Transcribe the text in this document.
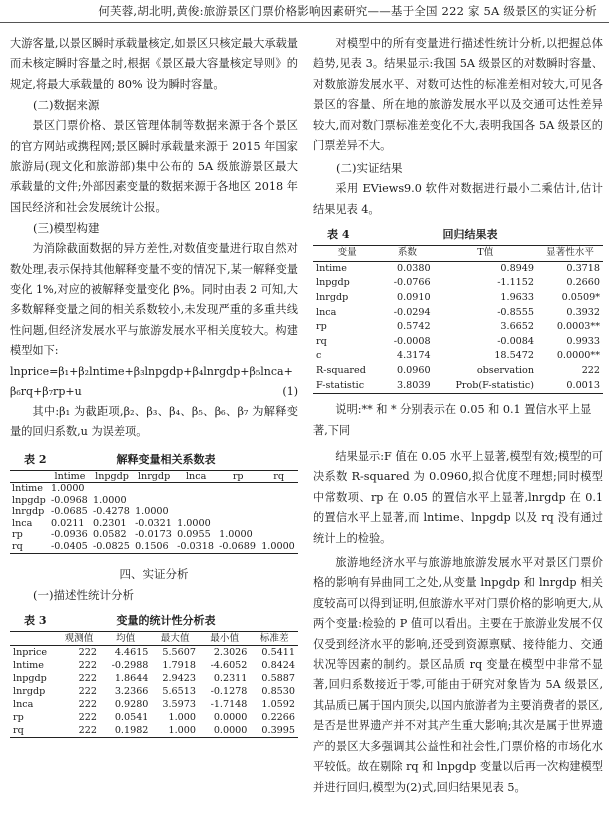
何芙蓉,胡北明,黄俊:旅游景区门票价格影响因素研究——基于全国 222 家 5A 级景区的实证分析

大游客量,以景区瞬时承载量核定,如景区只核定最大承载量而未核定瞬时容量之时,根据《景区最大容量核定导则》的规定,将最大承载量的 80% 设为瞬时容量。

(二)数据来源

景区门票价格、景区管理体制等数据来源于各个景区的官方网站或携程网;景区瞬时承载量来源于 2015 年国家旅游局(现文化和旅游部)集中公布的 5A 级旅游景区最大承载量的文件;外部因素变量的数据来源于各地区 2018 年国民经济和社会发展统计公报。

(三)模型构建

为消除截面数据的异方差性,对数值变量进行取自然对数处理,表示保持其他解释变量不变的情况下,某一解释变量变化 1%,对应的被解释变量变化 β%。同时由表 2 可知,大多数解释变量之间的相关系数较小,未发现严重的多重共线性问题,但经济发展水平与旅游发展水平相关度较大。构建模型如下:

lnprice=β₁+β₂lntime+β₃lnpgdp+β₄lnrgdp+β₅lnca+
β₆rq+β₇rp+u	(1)

其中:β₁ 为截距项,β₂、β₃、β₄、β₅、β₆、β₇ 为解释变量的回归系数,u 为误差项。

表 2	解释变量相关系数表
	lntime	lnpgdp	lnrgdp	lnca	rp	rq
lntime	1.0000					
lnpgdp	-0.0968	1.0000				
lnrgdp	-0.0685	-0.4278	1.0000			
lnca	0.0211	0.2301	-0.0321	1.0000		
rp	-0.0936	0.0582	-0.0173	0.0955	1.0000	
rq	-0.0405	-0.0825	0.1506	-0.0318	-0.0689	1.0000
四、实证分析
(一)描述性统计分析
表 3	变量的统计性分析表
	观测值	均值	最大值	最小值	标准差
lnprice	222	4.4615	5.5607	2.3026	0.5411
lntime	222	-0.2988	1.7918	-4.6052	0.8424
lnpgdp	222	1.8644	2.9423	0.2311	0.5887
lnrgdp	222	3.2366	5.6513	-0.1278	0.8530
lnca	222	0.9280	3.5973	-1.7148	1.0592
rp	222	0.0541	1.000	0.0000	0.2266
rq	222	0.1982	1.000	0.0000	0.3995

对模型中的所有变量进行描述性统计分析,以把握总体趋势,见表 3。结果显示:我国 5A 级景区的对数瞬时容量、对数旅游发展水平、对数可达性的标准差相对较大,可见各景区的容量、所在地的旅游发展水平以及交通可达性差异较大,而对数门票标准差变化不大,表明我国各 5A 级景区的门票差异不大。

(二)实证结果

采用 EViews9.0 软件对数据进行最小二乘估计,估计结果见表 4。

表 4	回归结果表
变量	系数	T值	显著性水平
lntime	0.0380	0.8949	0.3718
lnpgdp	-0.0766	-1.1152	0.2660
lnrgdp	0.0910	1.9633	0.0509*
lnca	-0.0294	-0.8555	0.3932
rp	0.5742	3.6652	0.0003**
rq	-0.0008	-0.0084	0.9933
c	4.3174	18.5472	0.0000**
R-squared	0.0960	observation	222
F-statistic	3.8039	Prob(F-statistic)	0.0013
说明:** 和 * 分别表示在 0.05 和 0.1 置信水平上显著,下同

结果显示:F 值在 0.05 水平上显著,模型有效;模型的可决系数 R-squared 为 0.0960,拟合优度不理想;同时模型中常数项、rp 在 0.05 的置信水平上显著,lnrgdp 在 0.1 的置信水平上显著,而 lntime、lnpgdp 以及 rq 没有通过统计上的检验。

旅游地经济水平与旅游地旅游发展水平对景区门票价格的影响有异曲同工之处,从变量 lnpgdp 和 lnrgdp 相关度较高可以得到证明,但旅游水平对门票价格的影响更大,从两个变量:检验的 P 值可以看出。主要在于旅游业发展不仅仅受到经济水平的影响,还受到资源禀赋、接待能力、交通状况等因素的制约。景区品质 rq 变量在模型中非常不显著,回归系数接近于零,可能由于研究对象皆为 5A 级景区,其品质已属于国内顶尖,以国内旅游者为主要消费者的景区,是否是世界遗产并不对其产生重大影响;其次是属于世界遗产的景区大多强调其公益性和社会性,门票价格的市场化水平较低。故在剔除 rq 和 lnpgdp 变量以后再一次构建模型并进行回归,模型为(2)式,回归结果见表 5。
